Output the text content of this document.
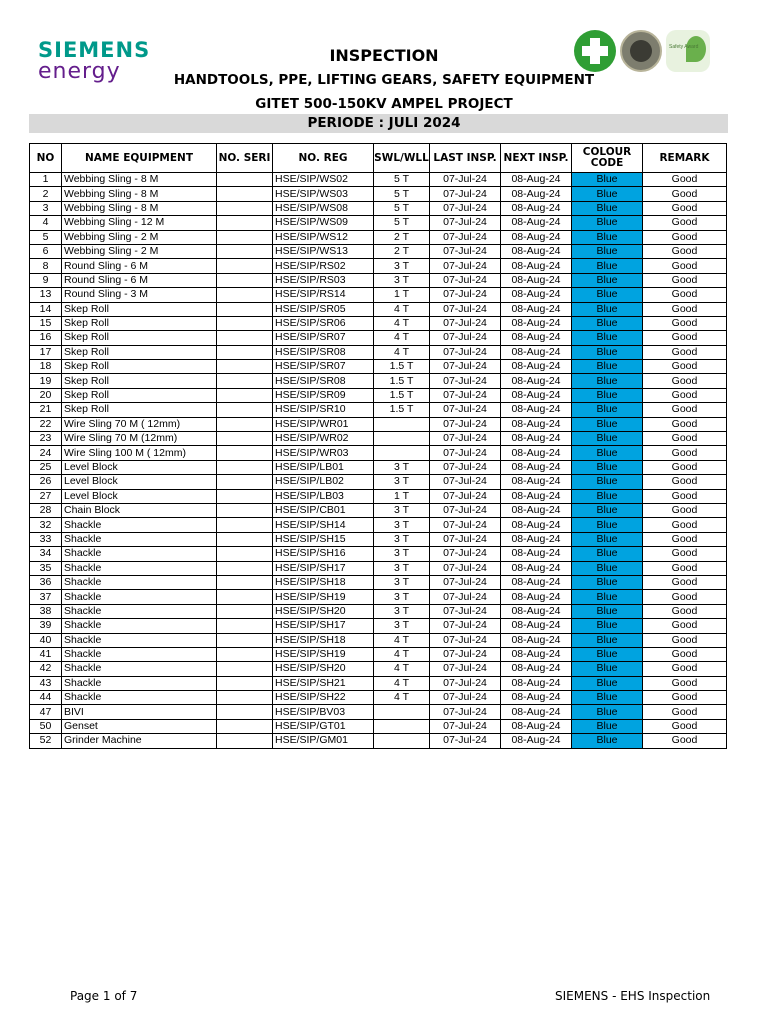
SIEMENS
energy
Safety Award
INSPECTION
HANDTOOLS, PPE, LIFTING GEARS, SAFETY EQUIPMENT
GITET 500-150KV AMPEL PROJECT
PERIODE : JULI 2024
NO	NAME EQUIPMENT	NO. SERI	NO. REG	SWL/WLL	LAST INSP.	NEXT INSP.	COLOUR CODE	REMARK
1	Webbing Sling - 8 M		HSE/SIP/WS02	5 T	07-Jul-24	08-Aug-24	Blue	Good
2	Webbing Sling - 8 M		HSE/SIP/WS03	5 T	07-Jul-24	08-Aug-24	Blue	Good
3	Webbing Sling - 8 M		HSE/SIP/WS08	5 T	07-Jul-24	08-Aug-24	Blue	Good
4	Webbing Sling - 12 M		HSE/SIP/WS09	5 T	07-Jul-24	08-Aug-24	Blue	Good
5	Webbing Sling - 2 M		HSE/SIP/WS12	2 T	07-Jul-24	08-Aug-24	Blue	Good
6	Webbing Sling - 2 M		HSE/SIP/WS13	2 T	07-Jul-24	08-Aug-24	Blue	Good
8	Round Sling - 6 M		HSE/SIP/RS02	3 T	07-Jul-24	08-Aug-24	Blue	Good
9	Round Sling - 6 M		HSE/SIP/RS03	3 T	07-Jul-24	08-Aug-24	Blue	Good
13	Round Sling - 3 M		HSE/SIP/RS14	1 T	07-Jul-24	08-Aug-24	Blue	Good
14	Skep Roll		HSE/SIP/SR05	4 T	07-Jul-24	08-Aug-24	Blue	Good
15	Skep Roll		HSE/SIP/SR06	4 T	07-Jul-24	08-Aug-24	Blue	Good
16	Skep Roll		HSE/SIP/SR07	4 T	07-Jul-24	08-Aug-24	Blue	Good
17	Skep Roll		HSE/SIP/SR08	4 T	07-Jul-24	08-Aug-24	Blue	Good
18	Skep Roll		HSE/SIP/SR07	1.5 T	07-Jul-24	08-Aug-24	Blue	Good
19	Skep Roll		HSE/SIP/SR08	1.5 T	07-Jul-24	08-Aug-24	Blue	Good
20	Skep Roll		HSE/SIP/SR09	1.5 T	07-Jul-24	08-Aug-24	Blue	Good
21	Skep Roll		HSE/SIP/SR10	1.5 T	07-Jul-24	08-Aug-24	Blue	Good
22	Wire Sling 70 M ( 12mm)		HSE/SIP/WR01		07-Jul-24	08-Aug-24	Blue	Good
23	Wire Sling 70 M (12mm)		HSE/SIP/WR02		07-Jul-24	08-Aug-24	Blue	Good
24	Wire Sling 100 M ( 12mm)		HSE/SIP/WR03		07-Jul-24	08-Aug-24	Blue	Good
25	Level Block		HSE/SIP/LB01	3 T	07-Jul-24	08-Aug-24	Blue	Good
26	Level Block		HSE/SIP/LB02	3 T	07-Jul-24	08-Aug-24	Blue	Good
27	Level Block		HSE/SIP/LB03	1 T	07-Jul-24	08-Aug-24	Blue	Good
28	Chain Block		HSE/SIP/CB01	3 T	07-Jul-24	08-Aug-24	Blue	Good
32	Shackle		HSE/SIP/SH14	3 T	07-Jul-24	08-Aug-24	Blue	Good
33	Shackle		HSE/SIP/SH15	3 T	07-Jul-24	08-Aug-24	Blue	Good
34	Shackle		HSE/SIP/SH16	3 T	07-Jul-24	08-Aug-24	Blue	Good
35	Shackle		HSE/SIP/SH17	3 T	07-Jul-24	08-Aug-24	Blue	Good
36	Shackle		HSE/SIP/SH18	3 T	07-Jul-24	08-Aug-24	Blue	Good
37	Shackle		HSE/SIP/SH19	3 T	07-Jul-24	08-Aug-24	Blue	Good
38	Shackle		HSE/SIP/SH20	3 T	07-Jul-24	08-Aug-24	Blue	Good
39	Shackle		HSE/SIP/SH17	3 T	07-Jul-24	08-Aug-24	Blue	Good
40	Shackle		HSE/SIP/SH18	4 T	07-Jul-24	08-Aug-24	Blue	Good
41	Shackle		HSE/SIP/SH19	4 T	07-Jul-24	08-Aug-24	Blue	Good
42	Shackle		HSE/SIP/SH20	4 T	07-Jul-24	08-Aug-24	Blue	Good
43	Shackle		HSE/SIP/SH21	4 T	07-Jul-24	08-Aug-24	Blue	Good
44	Shackle		HSE/SIP/SH22	4 T	07-Jul-24	08-Aug-24	Blue	Good
47	BIVI		HSE/SIP/BV03		07-Jul-24	08-Aug-24	Blue	Good
50	Genset		HSE/SIP/GT01		07-Jul-24	08-Aug-24	Blue	Good
52	Grinder Machine		HSE/SIP/GM01		07-Jul-24	08-Aug-24	Blue	Good
Page 1 of 7	SIEMENS - EHS Inspection
